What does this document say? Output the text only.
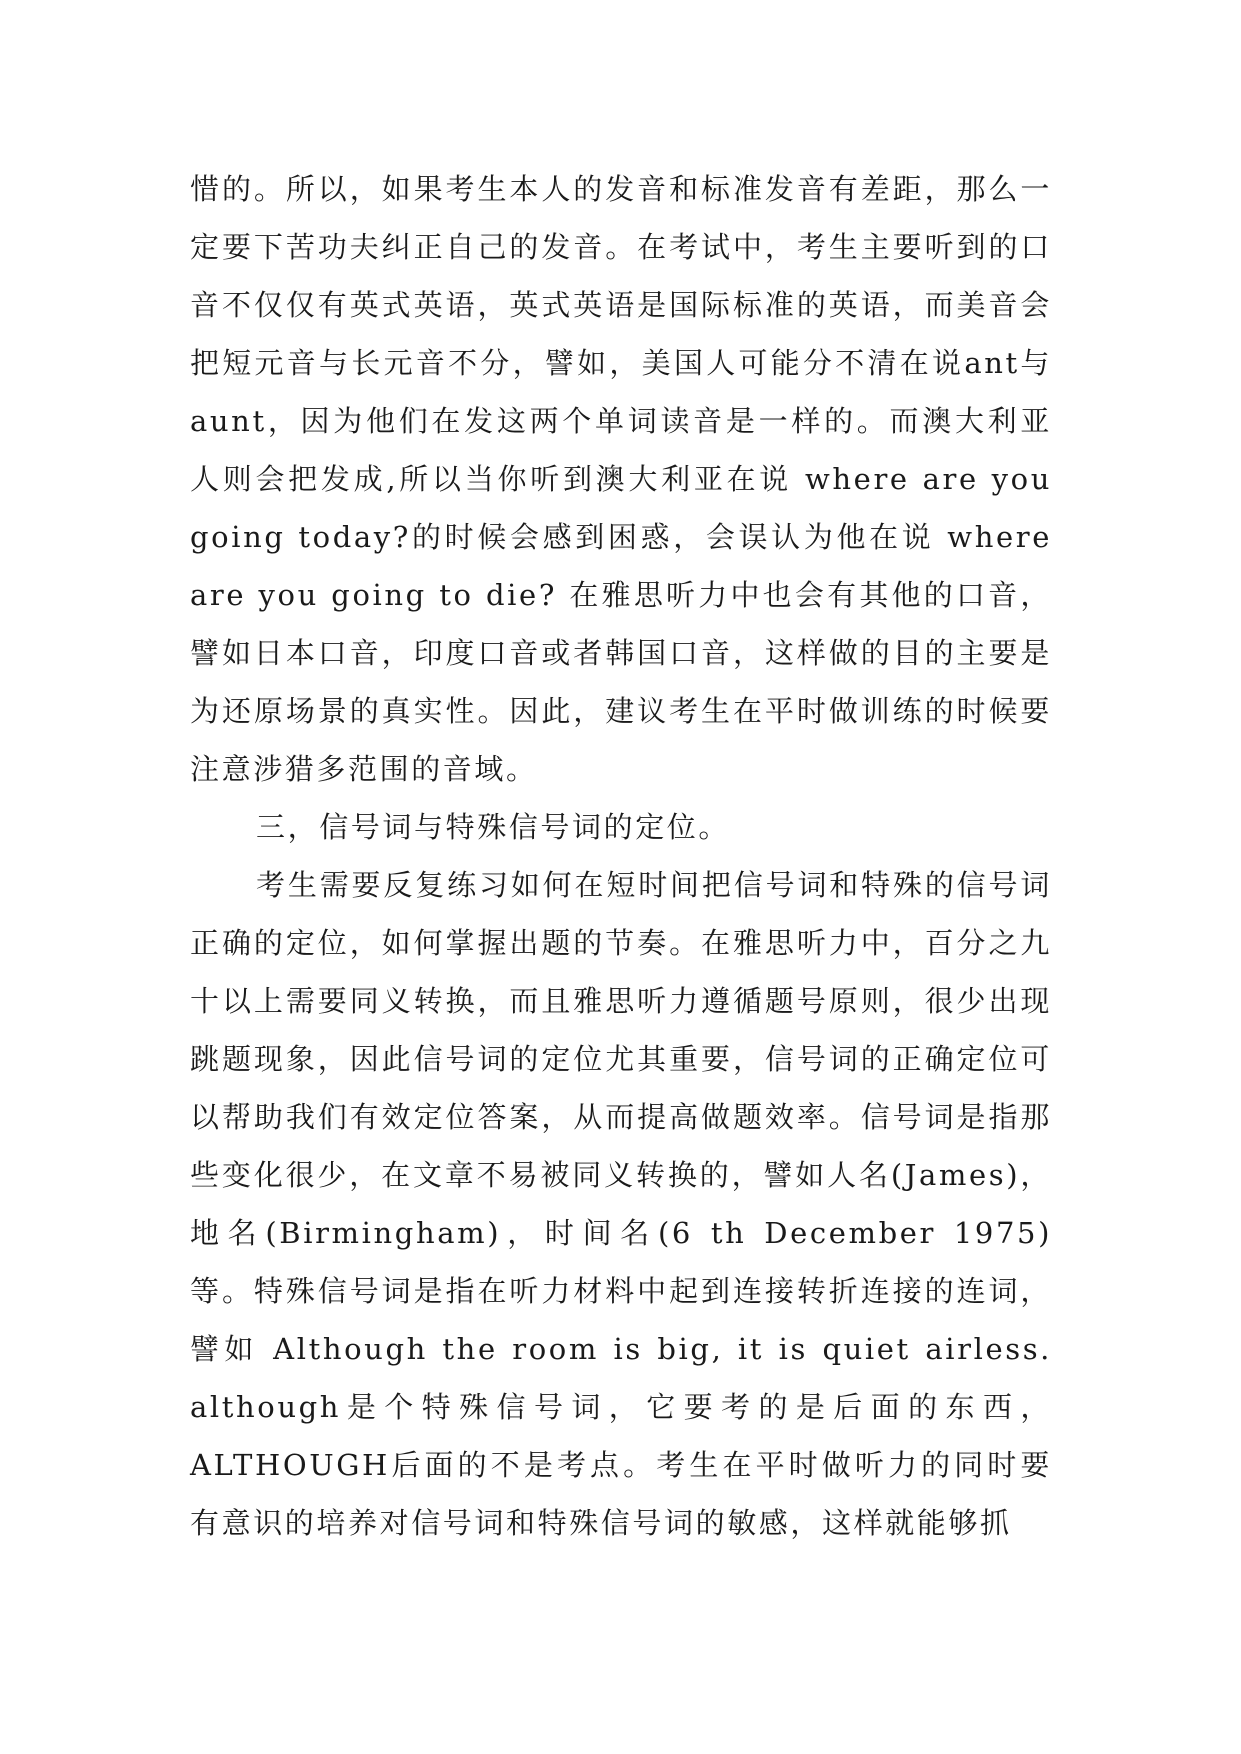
惜的。所以，如果考生本人的发音和标准发音有差距，那么一定要下苦功夫纠正自己的发音。在考试中，考生主要听到的口音不仅仅有英式英语，英式英语是国际标准的英语，而美音会把短元音与长元音不分，譬如，美国人可能分不清在说ant与aunt，因为他们在发这两个单词读音是一样的。而澳大利亚人则会把发成,所以当你听到澳大利亚在说 where are you going today?的时候会感到困惑，会误认为他在说 where are you going to die? 在雅思听力中也会有其他的口音，譬如日本口音，印度口音或者韩国口音，这样做的目的主要是为还原场景的真实性。因此，建议考生在平时做训练的时候要注意涉猎多范围的音域。

三，信号词与特殊信号词的定位。

考生需要反复练习如何在短时间把信号词和特殊的信号词正确的定位，如何掌握出题的节奏。在雅思听力中，百分之九十以上需要同义转换，而且雅思听力遵循题号原则，很少出现跳题现象，因此信号词的定位尤其重要，信号词的正确定位可以帮助我们有效定位答案，从而提高做题效率。信号词是指那些变化很少，在文章不易被同义转换的，譬如人名(James)，地名(Birmingham)，时间名(6 th December 1975)等。特殊信号词是指在听力材料中起到连接转折连接的连词，譬如 Although the room is big, it is quiet airless. although是个特殊信号词，它要考的是后面的东西，ALTHOUGH后面的不是考点。考生在平时做听力的同时要有意识的培养对信号词和特殊信号词的敏感，这样就能够抓
